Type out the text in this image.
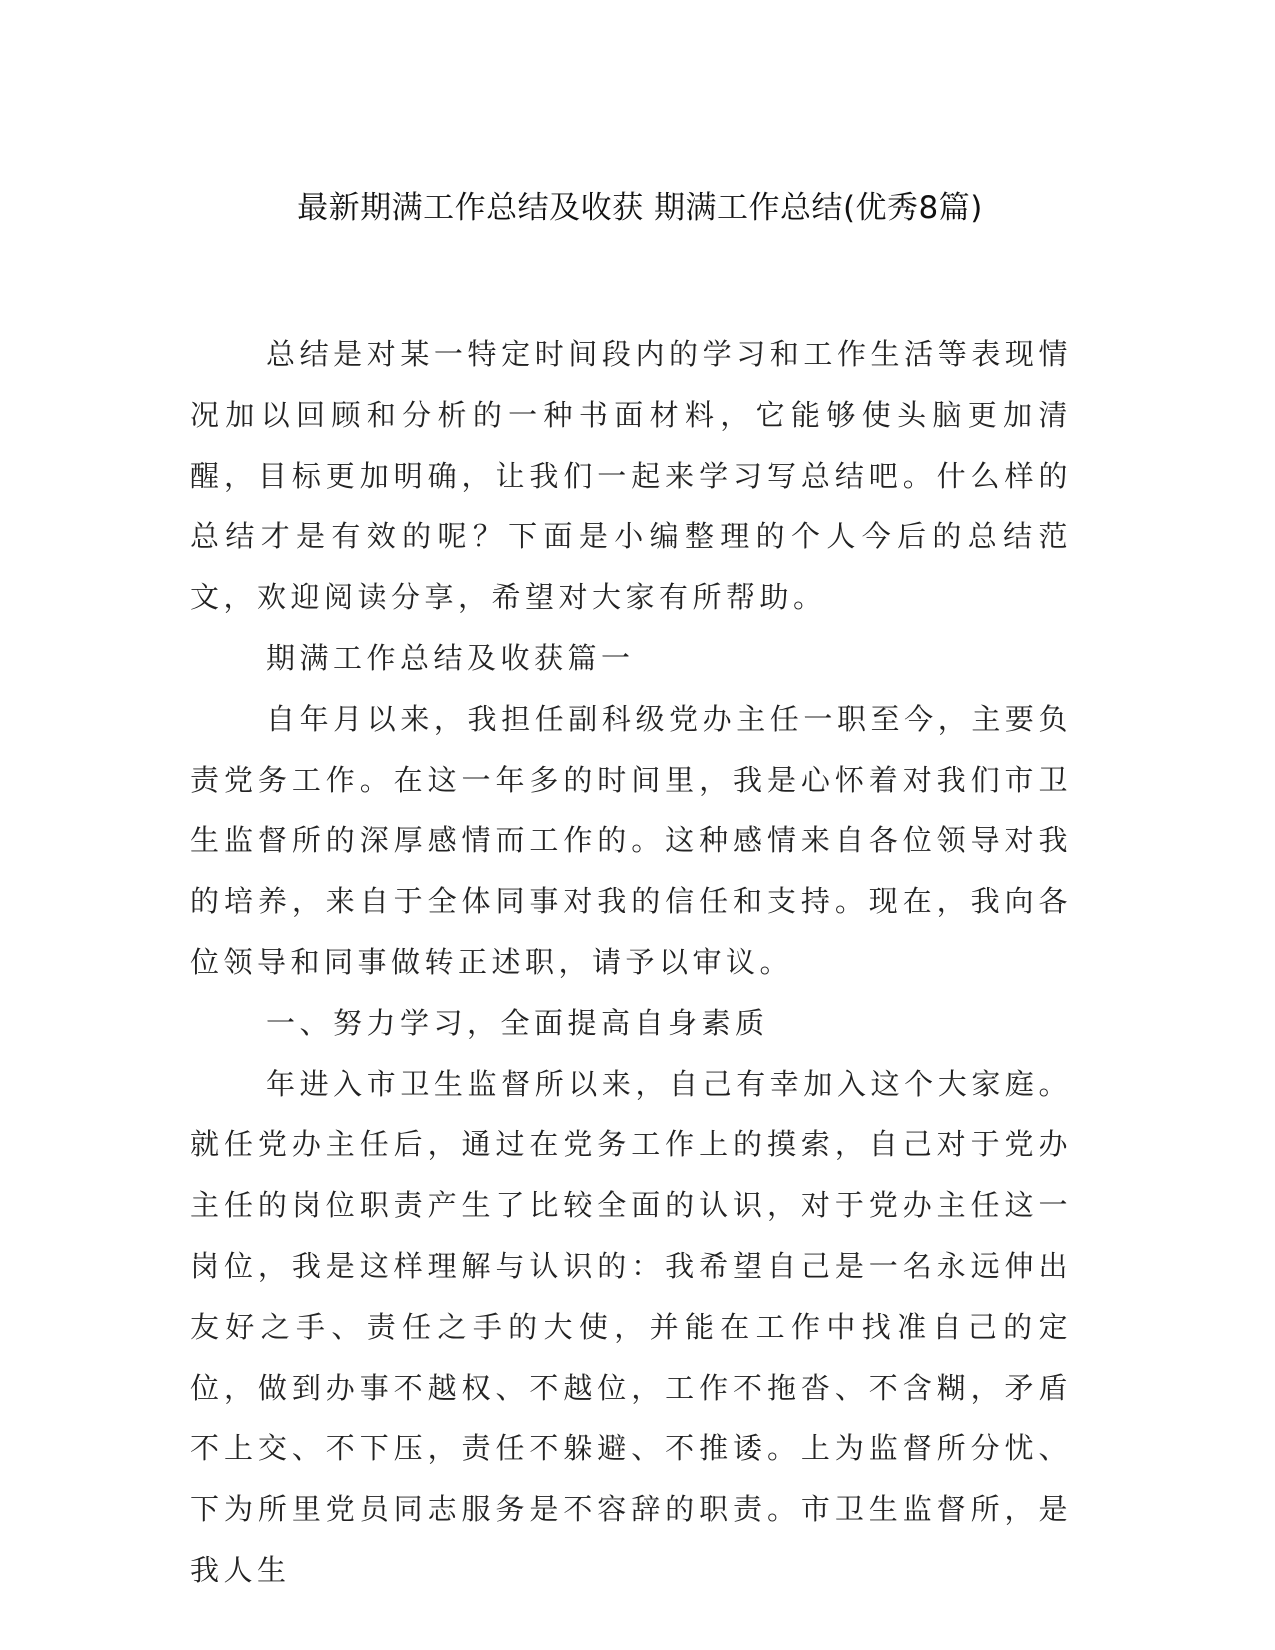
最新期满工作总结及收获 期满工作总结(优秀8篇)

总结是对某一特定时间段内的学习和工作生活等表现情况加以回顾和分析的一种书面材料，它能够使头脑更加清醒，目标更加明确，让我们一起来学习写总结吧。什么样的总结才是有效的呢？下面是小编整理的个人今后的总结范文，欢迎阅读分享，希望对大家有所帮助。

期满工作总结及收获篇一

自年月以来，我担任副科级党办主任一职至今，主要负责党务工作。在这一年多的时间里，我是心怀着对我们市卫生监督所的深厚感情而工作的。这种感情来自各位领导对我的培养，来自于全体同事对我的信任和支持。现在，我向各位领导和同事做转正述职，请予以审议。

一、努力学习，全面提高自身素质

年进入市卫生监督所以来，自己有幸加入这个大家庭。就任党办主任后，通过在党务工作上的摸索，自己对于党办主任的岗位职责产生了比较全面的认识，对于党办主任这一岗位，我是这样理解与认识的：我希望自己是一名永远伸出友好之手、责任之手的大使，并能在工作中找准自己的定位，做到办事不越权、不越位，工作不拖沓、不含糊，矛盾不上交、不下压，责任不躲避、不推诿。上为监督所分忧、下为所里党员同志服务是不容辞的职责。市卫生监督所，是我人生
